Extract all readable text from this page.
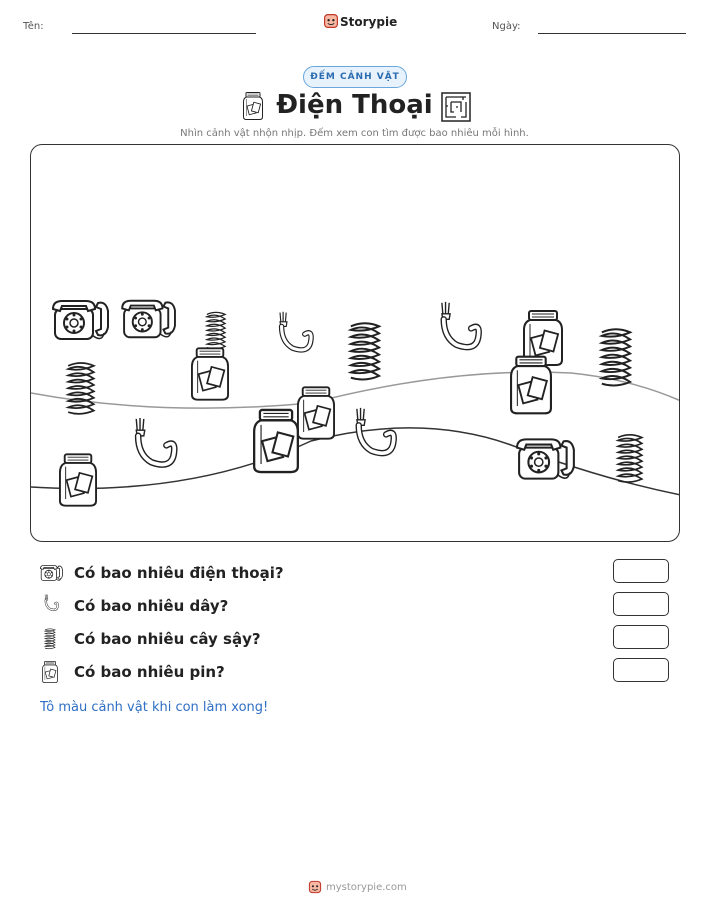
Tên:	Storypie	Ngày:
ĐẾM CẢNH VẬT
Điện Thoại
Nhìn cảnh vật nhộn nhịp. Đếm xem con tìm được bao nhiêu mỗi hình.
Có bao nhiêu điện thoại?
Có bao nhiêu dây?
Có bao nhiêu cây sậy?
Có bao nhiêu pin?
Tô màu cảnh vật khi con làm xong!
mystorypie.com
